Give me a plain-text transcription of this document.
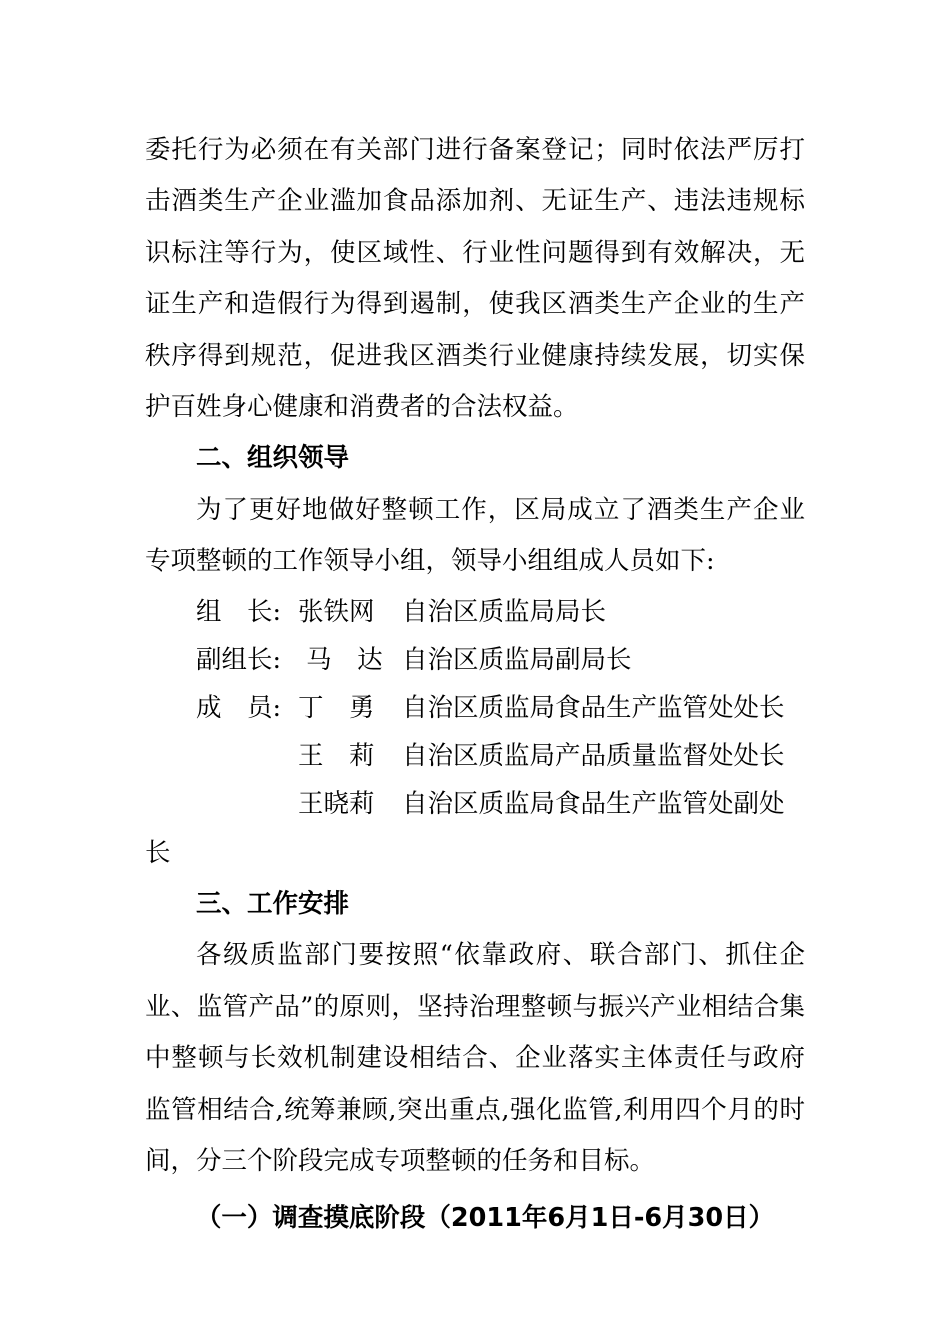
委托行为必须在有关部门进行备案登记；同时依法严厉打击酒类生产企业滥加食品添加剂、无证生产、违法违规标识标注等行为，使区域性、行业性问题得到有效解决，无证生产和造假行为得到遏制，使我区酒类生产企业的生产秩序得到规范，促进我区酒类行业健康持续发展，切实保护百姓身心健康和消费者的合法权益。

二、组织领导

为了更好地做好整顿工作，区局成立了酒类生产企业专项整顿的工作领导小组，领导小组组成人员如下:

组　长: 张铁网	自治区质监局局长
副组长: 马　达 自治区质监局副局长
成　员: 丁　勇	自治区质监局食品生产监管处处长
王　莉	自治区质监局产品质量监督处处长
王晓莉	自治区质监局食品生产监管处副处

长

三、工作安排

各级质监部门要按照“依靠政府、联合部门、抓住企业、监管产品”的原则，坚持治理整顿与振兴产业相结合集中整顿与长效机制建设相结合、企业落实主体责任与政府监管相结合,统筹兼顾,突出重点,强化监管,利用四个月的时间，分三个阶段完成专项整顿的任务和目标。

（一）调查摸底阶段（2011年6月1日-6月30日）
